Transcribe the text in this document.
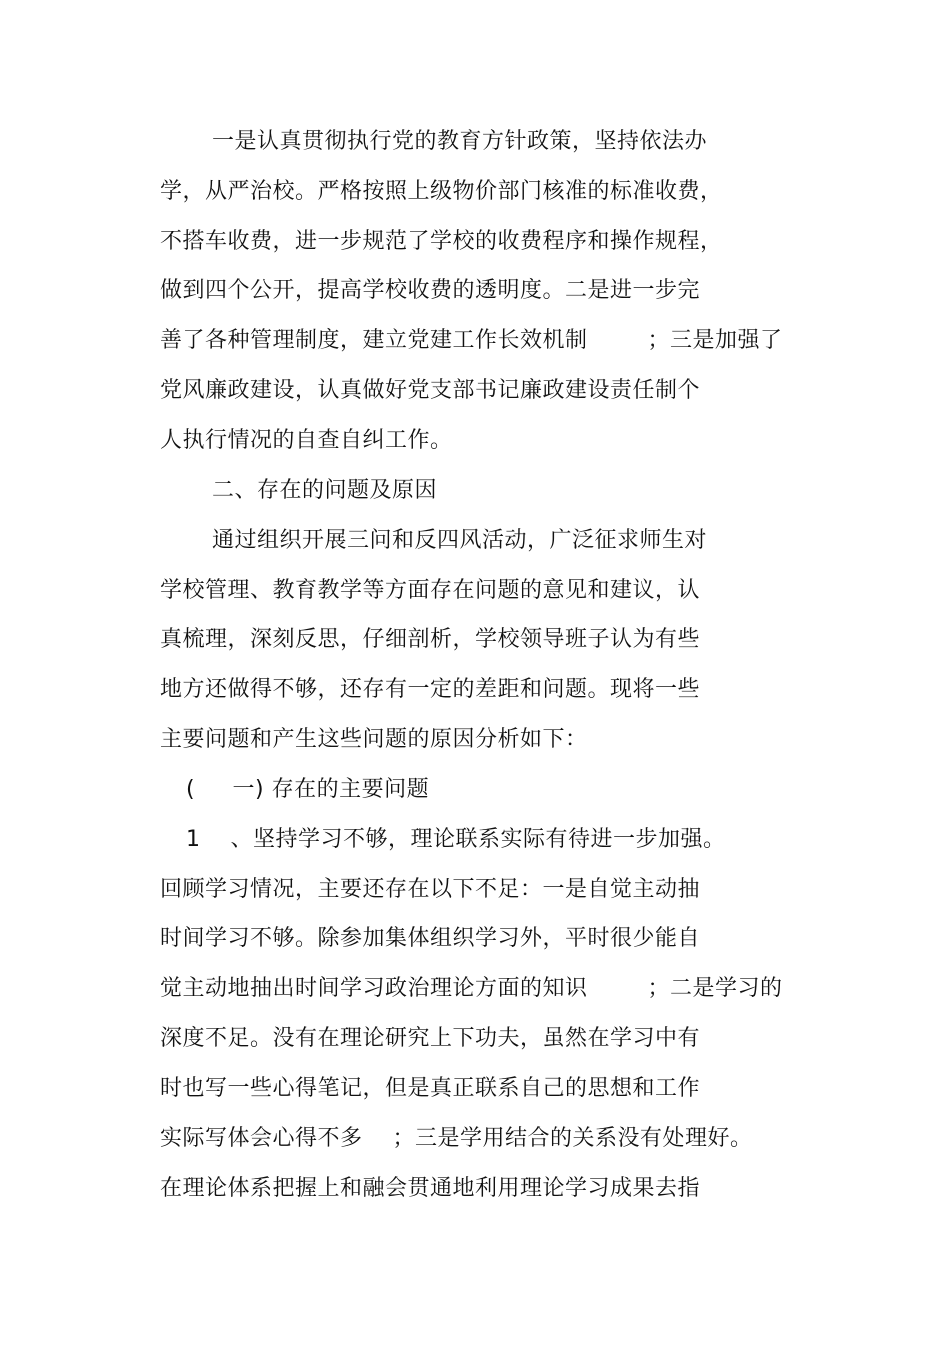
一是认真贯彻执行党的教育方针政策，坚持依法办
学，从严治校。严格按照上级物价部门核准的标准收费，
不搭车收费，进一步规范了学校的收费程序和操作规程，
做到四个公开，提高学校收费的透明度。二是进一步完
善了各种管理制度，建立党建工作长效机制        ；三是加强了
党风廉政建设，认真做好党支部书记廉政建设责任制个
人执行情况的自查自纠工作。
二、存在的问题及原因
通过组织开展三问和反四风活动，广泛征求师生对
学校管理、教育教学等方面存在问题的意见和建议，认
真梳理，深刻反思，仔细剖析，学校领导班子认为有些
地方还做得不够，还存有一定的差距和问题。现将一些
主要问题和产生这些问题的原因分析如下：
(     一) 存在的主要问题
1    、坚持学习不够，理论联系实际有待进一步加强。
回顾学习情况，主要还存在以下不足：一是自觉主动抽
时间学习不够。除参加集体组织学习外，平时很少能自
觉主动地抽出时间学习政治理论方面的知识        ；二是学习的
深度不足。没有在理论研究上下功夫，虽然在学习中有
时也写一些心得笔记，但是真正联系自己的思想和工作
实际写体会心得不多    ；三是学用结合的关系没有处理好。
在理论体系把握上和融会贯通地利用理论学习成果去指
